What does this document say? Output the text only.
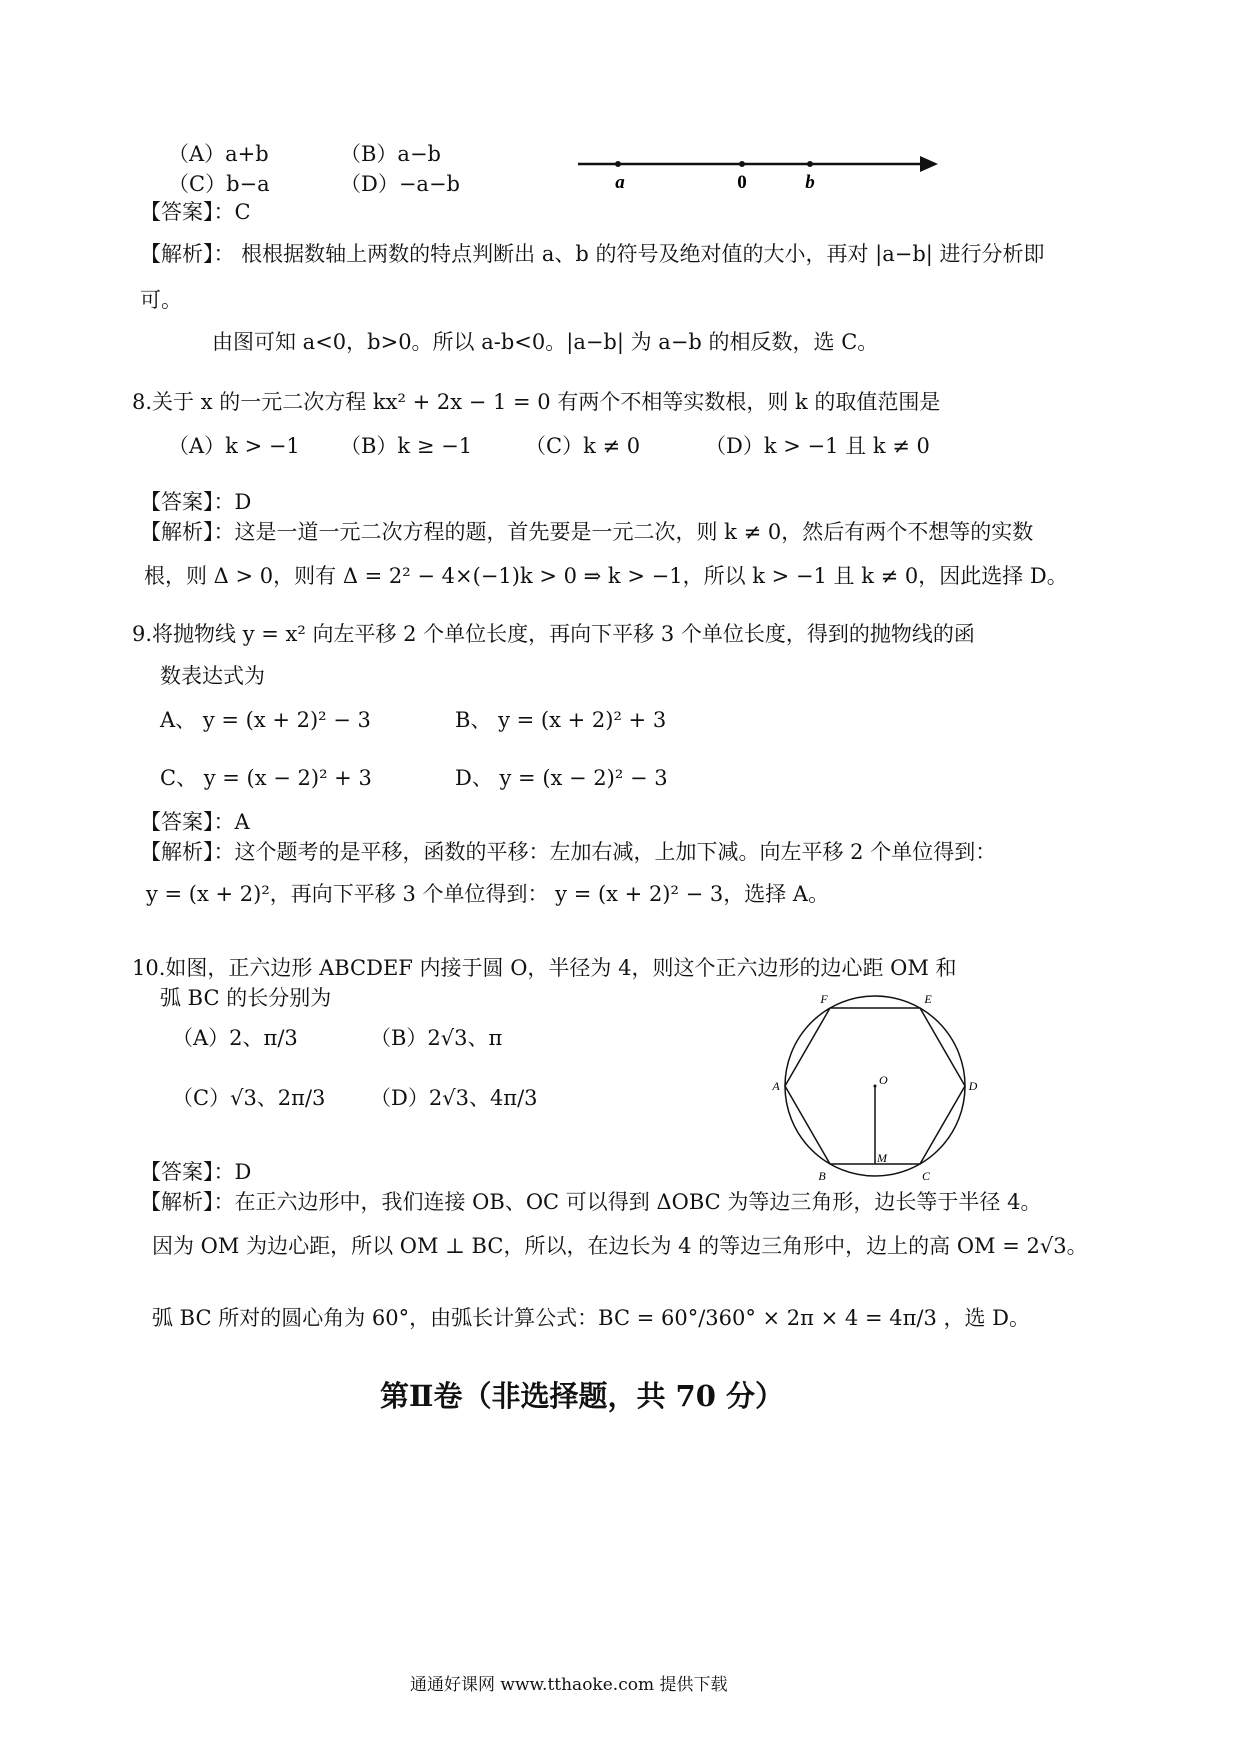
（A）a+b	（B）a−b
（C）b−a	（D）−a−b	a	0	b
【答案】：C
【解析】： 根根据数轴上两数的特点判断出 a、b 的符号及绝对值的大小，再对 |a−b| 进行分析即
可。
由图可知 a<0，b>0。所以 a-b<0。|a−b| 为 a−b 的相反数，选 C。
8.关于 x 的一元二次方程 kx² + 2x − 1 = 0 有两个不相等实数根，则 k 的取值范围是
（A）k > −1 （B）k ≥ −1	（C）k ≠ 0	（D）k > −1 且 k ≠ 0
【答案】：D
【解析】：这是一道一元二次方程的题，首先要是一元二次，则 k ≠ 0，然后有两个不想等的实数
根，则 Δ > 0，则有 Δ = 2² − 4×(−1)k > 0 ⇒ k > −1，所以 k > −1 且 k ≠ 0，因此选择 D。
9.将抛物线 y = x² 向左平移 2 个单位长度，再向下平移 3 个单位长度，得到的抛物线的函
数表达式为
A、 y = (x + 2)² − 3	B、 y = (x + 2)² + 3
C、 y = (x − 2)² + 3	D、 y = (x − 2)² − 3
【答案】：A
【解析】：这个题考的是平移，函数的平移：左加右减，上加下减。向左平移 2 个单位得到：
y = (x + 2)²，再向下平移 3 个单位得到： y = (x + 2)² − 3，选择 A。
10.如图，正六边形 ABCDEF 内接于圆 O，半径为 4，则这个正六边形的边心距 OM 和
弧 BC 的长分别为
（A）2、π/3	（B）2√3、π
（C）√3、2π/3 （D）2√3、4π/3
F	E
A	O	D
B
M
C
【答案】：D
【解析】：在正六边形中，我们连接 OB、OC 可以得到 ΔOBC 为等边三角形，边长等于半径 4。
因为 OM 为边心距，所以 OM ⊥ BC，所以，在边长为 4 的等边三角形中，边上的高 OM = 2√3。
弧 BC 所对的圆心角为 60°，由弧长计算公式：BC = 60°/360° × 2π × 4 = 4π/3 ，选 D。
第Ⅱ卷（非选择题，共 70 分）
通通好课网 www.tthaoke.com 提供下载
